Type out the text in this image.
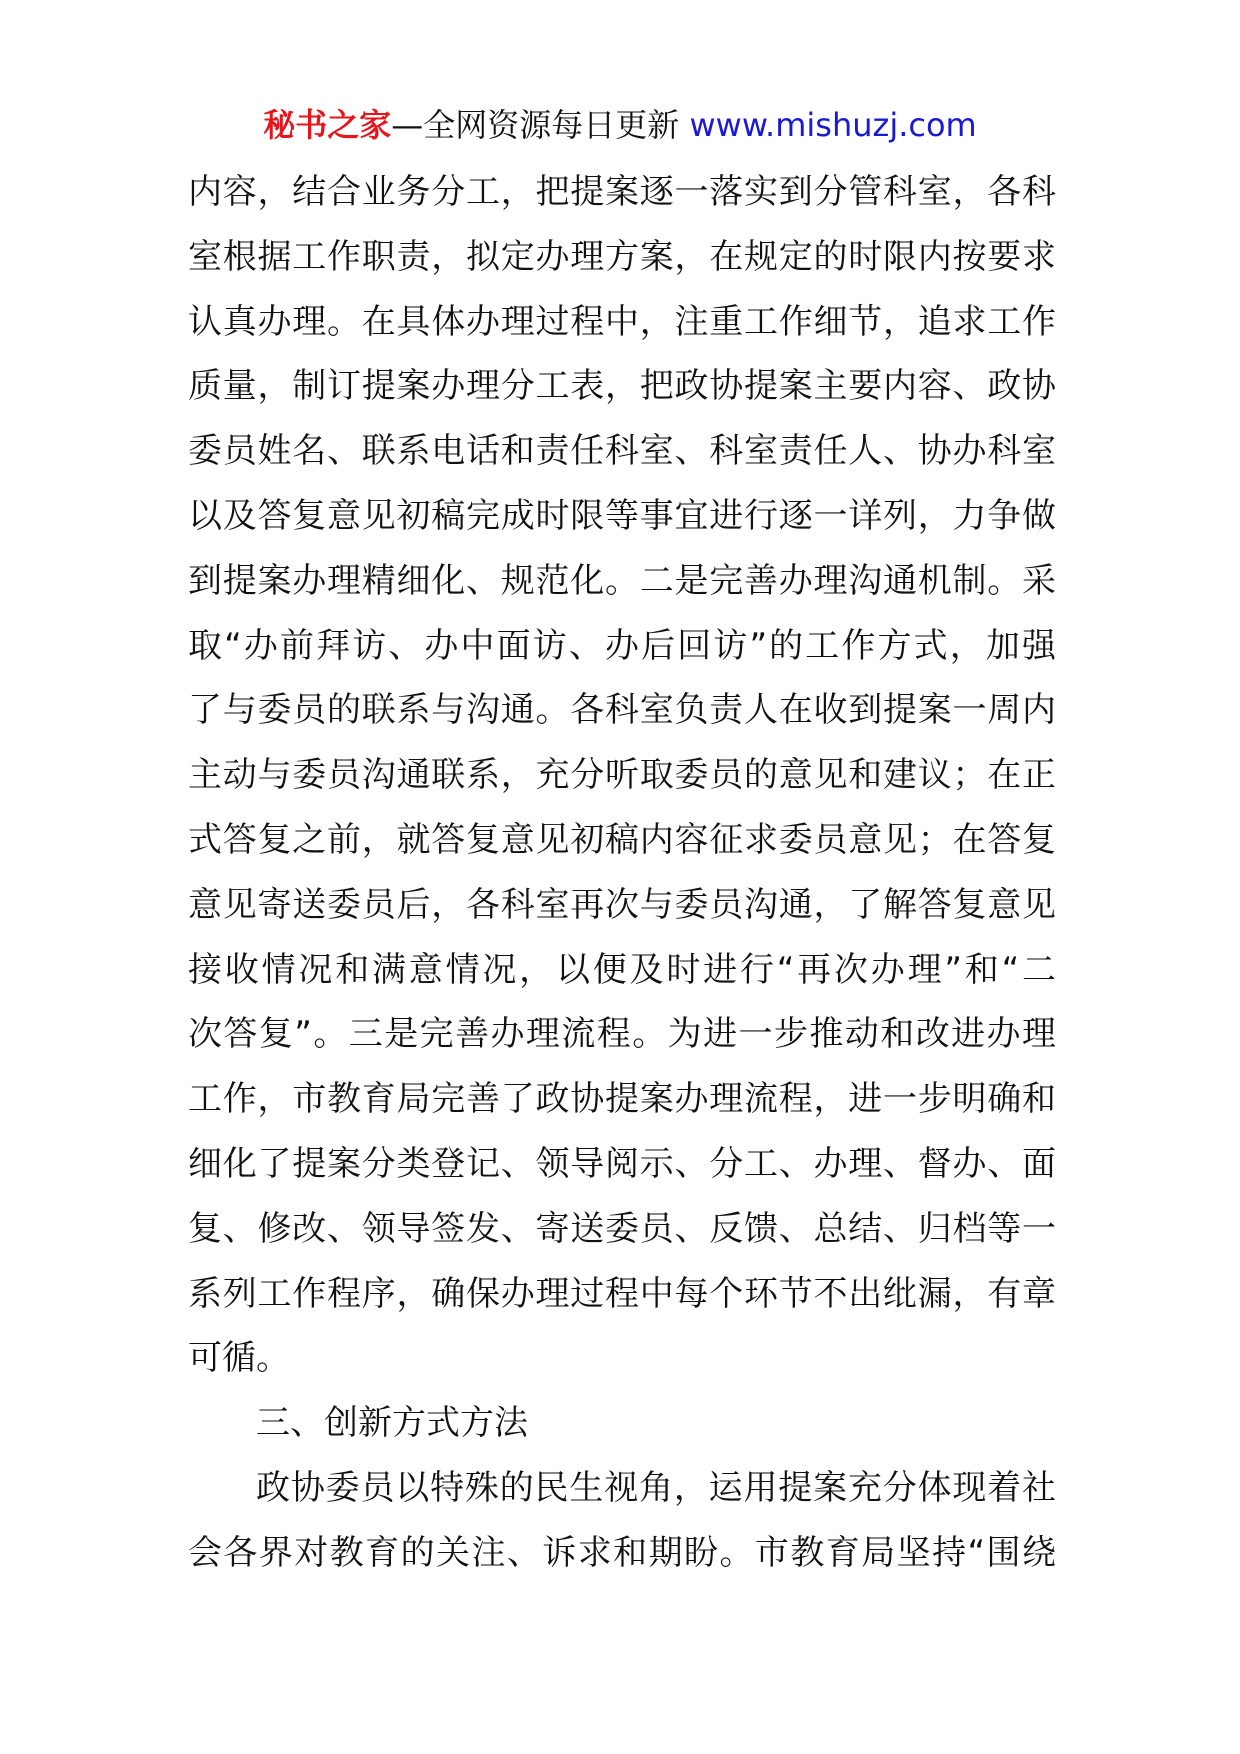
秘书之家—全网资源每日更新 www.mishuzj.com
内容，结合业务分工，把提案逐一落实到分管科室，各科
室根据工作职责，拟定办理方案，在规定的时限内按要求
认真办理。在具体办理过程中，注重工作细节，追求工作
质量，制订提案办理分工表，把政协提案主要内容、政协
委员姓名、联系电话和责任科室、科室责任人、协办科室
以及答复意见初稿完成时限等事宜进行逐一详列，力争做
到提案办理精细化、规范化。二是完善办理沟通机制。采
取“办前拜访、办中面访、办后回访”的工作方式，加强
了与委员的联系与沟通。各科室负责人在收到提案一周内
主动与委员沟通联系，充分听取委员的意见和建议；在正
式答复之前，就答复意见初稿内容征求委员意见；在答复
意见寄送委员后，各科室再次与委员沟通，了解答复意见
接收情况和满意情况，以便及时进行“再次办理”和“二
次答复”。三是完善办理流程。为进一步推动和改进办理
工作，市教育局完善了政协提案办理流程，进一步明确和
细化了提案分类登记、领导阅示、分工、办理、督办、面
复、修改、领导签发、寄送委员、反馈、总结、归档等一
系列工作程序，确保办理过程中每个环节不出纰漏，有章
可循。
三、创新方式方法
政协委员以特殊的民生视角，运用提案充分体现着社
会各界对教育的关注、诉求和期盼。市教育局坚持“围绕
